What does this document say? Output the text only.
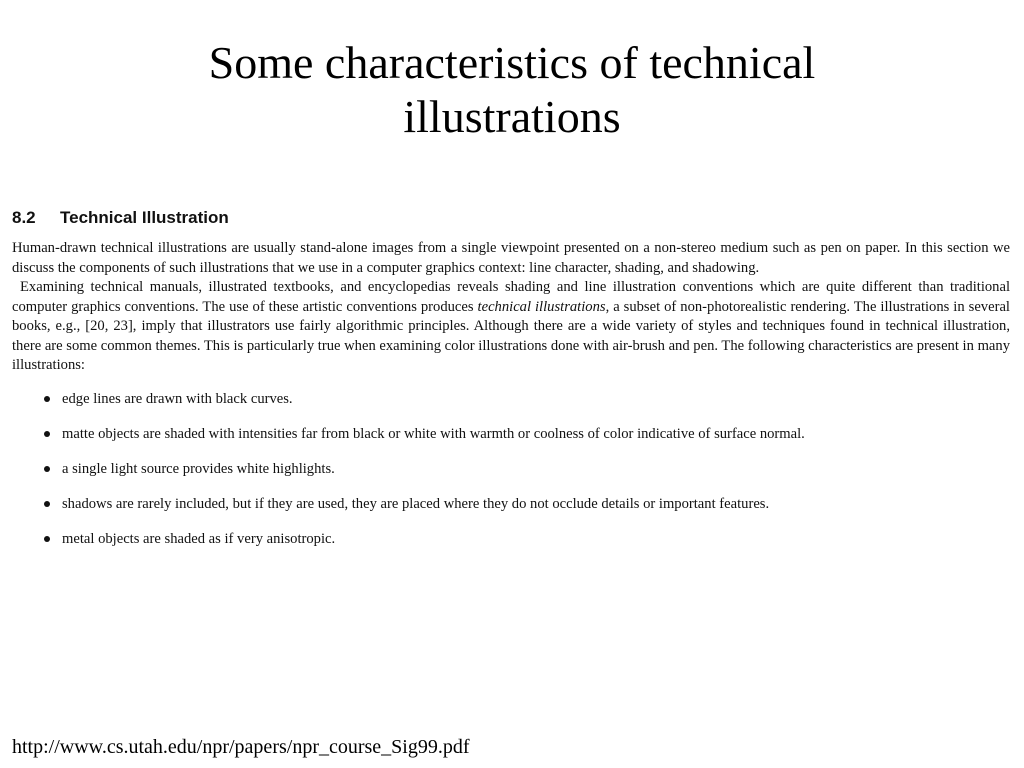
Some characteristics of technical
illustrations
8.2 Technical Illustration

Human-drawn technical illustrations are usually stand-alone images from a single viewpoint presented on a non-stereo medium such as pen on paper. In this section we discuss the components of such illustrations that we use in a computer graphics context: line character, shading, and shadowing.

Examining technical manuals, illustrated textbooks, and encyclopedias reveals shading and line illustration conventions which are quite different than traditional computer graphics conventions. The use of these artistic conventions produces technical illustrations, a subset of non-photorealistic rendering. The illustrations in several books, e.g., [20, 23], imply that illustrators use fairly algorithmic principles. Although there are a wide variety of styles and techniques found in technical illustration, there are some common themes. This is particularly true when examining color illustrations done with air-brush and pen. The following characteristics are present in many illustrations:

edge lines are drawn with black curves.
matte objects are shaded with intensities far from black or white with warmth or coolness of color indicative of surface normal.
a single light source provides white highlights.
shadows are rarely included, but if they are used, they are placed where they do not occlude details or important features.
metal objects are shaded as if very anisotropic.
http://www.cs.utah.edu/npr/papers/npr_course_Sig99.pdf
